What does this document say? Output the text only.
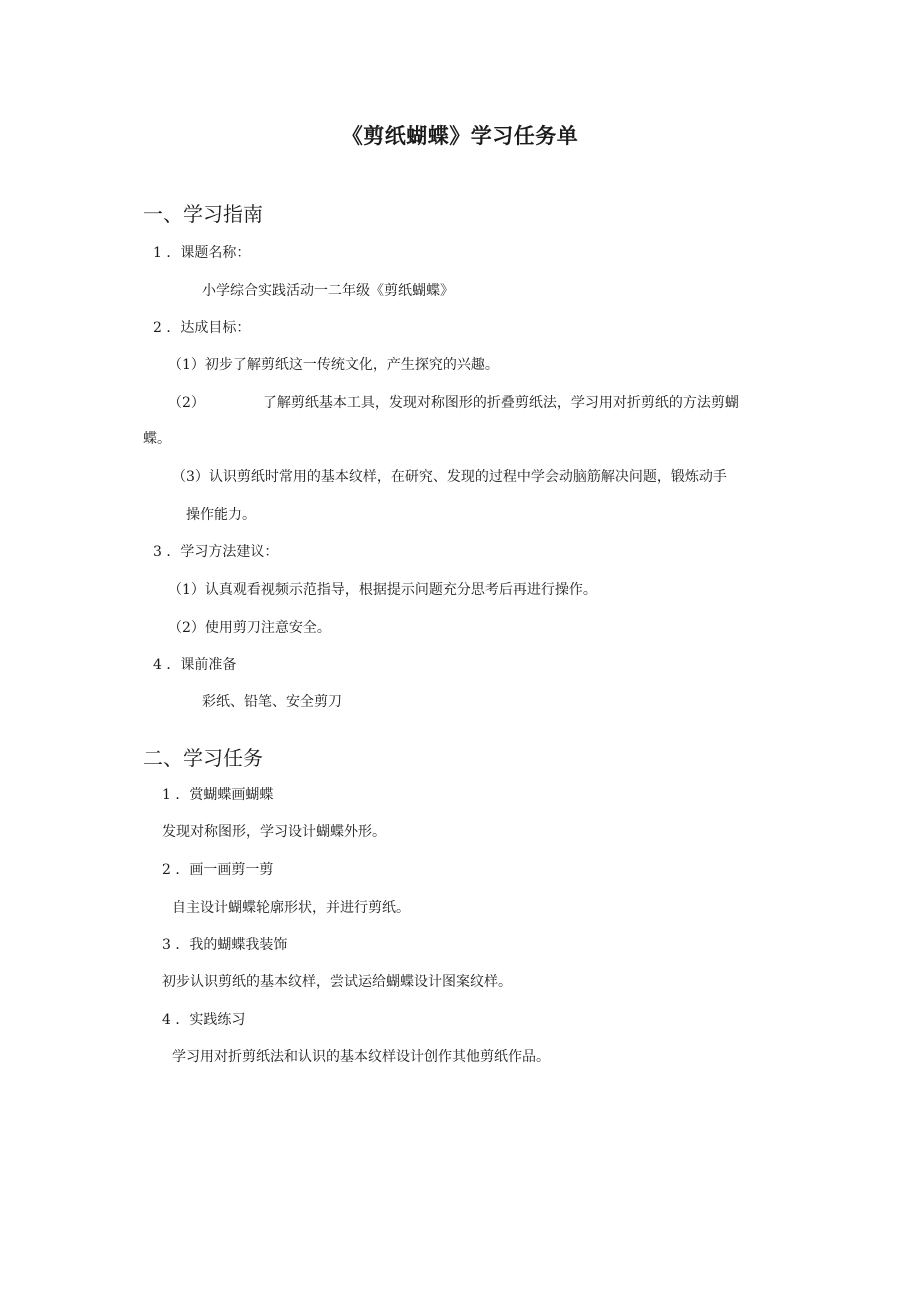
《剪纸蝴蝶》学习任务单
一、学习指南
1 ．课题名称：
小学综合实践活动一二年级《剪纸蝴蝶》
2 ．达成目标：
（1）初步了解剪纸这一传统文化，产生探究的兴趣。
（2）	了解剪纸基本工具，发现对称图形的折叠剪纸法，学习用对折剪纸的方法剪蝴
蝶。
（3）认识剪纸时常用的基本纹样，在研究、发现的过程中学会动脑筋解决问题，锻炼动手
操作能力。
3 ．学习方法建议：
（1）认真观看视频示范指导，根据提示问题充分思考后再进行操作。
（2）使用剪刀注意安全。
4 ．课前准备
彩纸、铅笔、安全剪刀
二、学习任务
1 ．赏蝴蝶画蝴蝶
发现对称图形，学习设计蝴蝶外形。
2 ．画一画剪一剪
自主设计蝴蝶轮廓形状，并进行剪纸。
3 ．我的蝴蝶我装饰
初步认识剪纸的基本纹样，尝试运给蝴蝶设计图案纹样。
4 ．实践练习
学习用对折剪纸法和认识的基本纹样设计创作其他剪纸作品。
